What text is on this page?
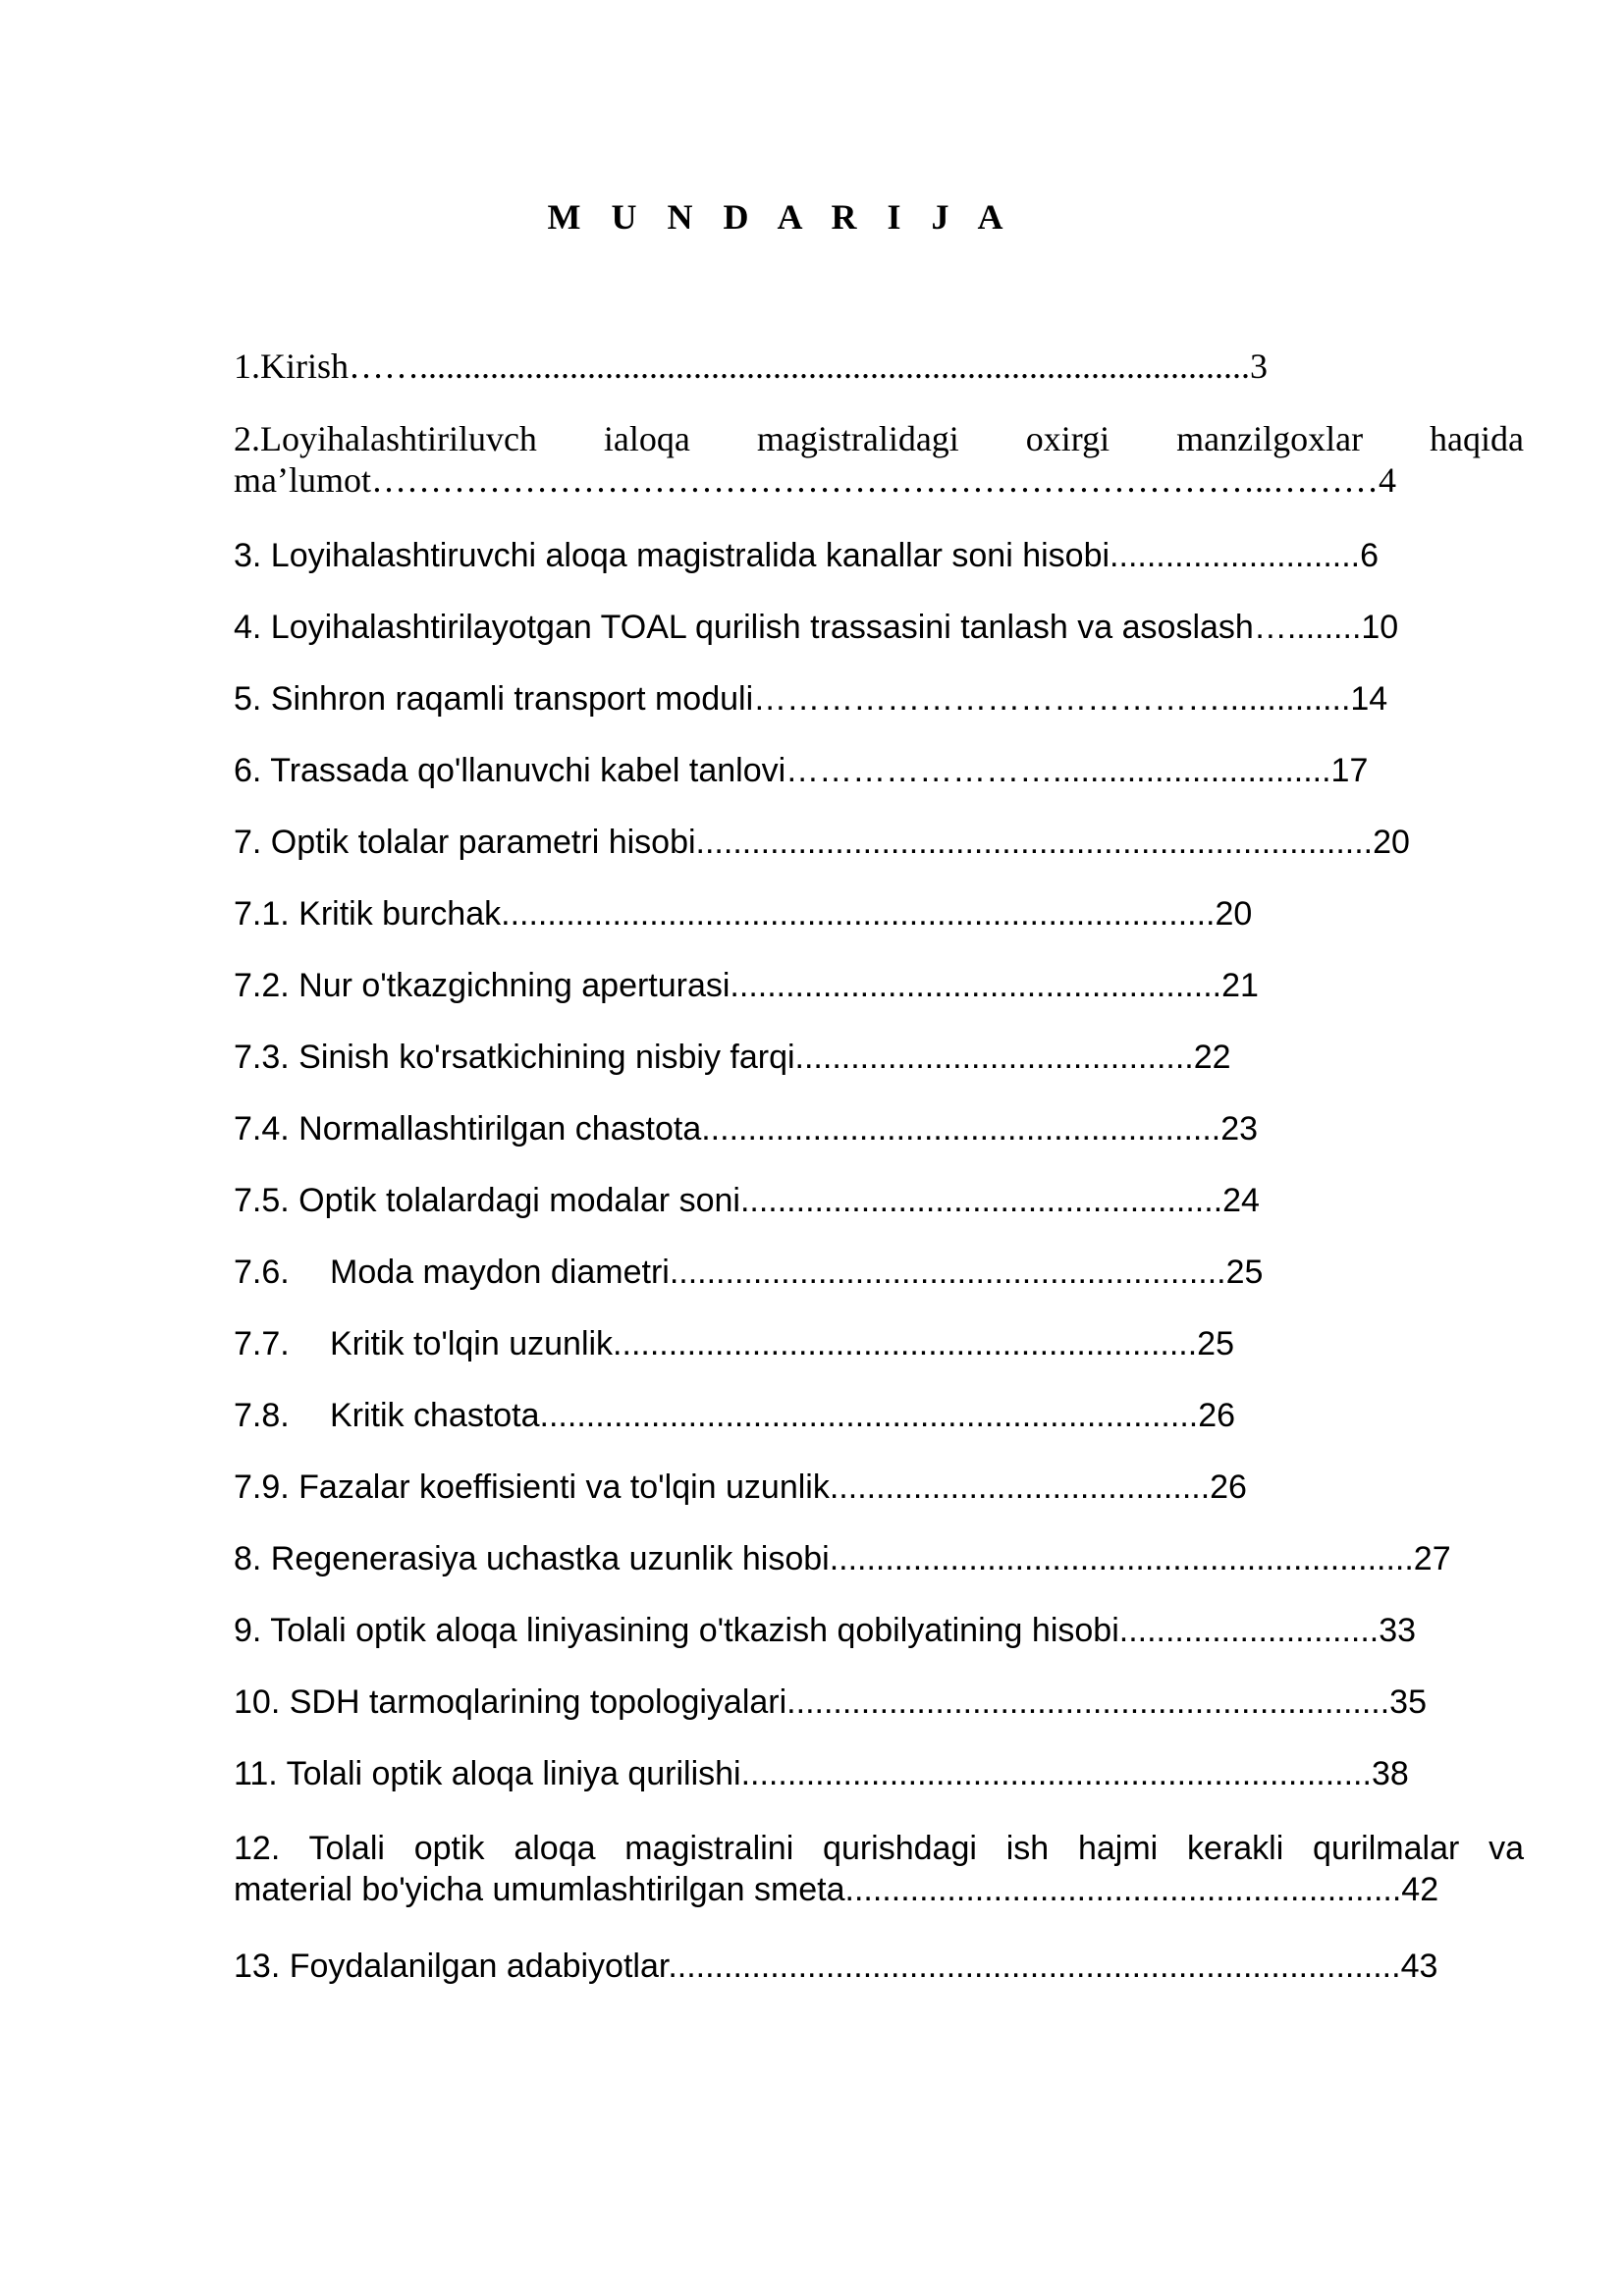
M U N D A R I J A
1.Kirish……..............................................................................................3
2.Loyihalashtiriluvch ialoqa magistralidagi oxirgi manzilgoxlar haqida
ma’lumot…………………………………………………………………..………4
3. Loyihalashtiruvchi aloqa magistralida kanallar soni hisobi...........................6
4. Loyihalashtirilayotgan TOAL qurilish trassasini tanlash va asoslash…........10
5. Sinhron raqamli transport moduli……………………………………..............14
6. Trassada qo'llanuvchi kabel tanlovi……………………..............................17
7. Optik tolalar parametri hisobi.........................................................................20
7.1. Kritik burchak.............................................................................20
7.2. Nur o'tkazgichning aperturasi.....................................................21
7.3. Sinish ko'rsatkichining nisbiy farqi...........................................22
7.4. Normallashtirilgan chastota........................................................23
7.5. Optik tolalardagi modalar soni....................................................24
7.6. Moda maydon diametri............................................................25
7.7. Kritik to'lqin uzunlik...............................................................25
7.8. Kritik chastota.......................................................................26
7.9. Fazalar koeffisienti va to'lqin uzunlik.........................................26
8. Regenerasiya uchastka uzunlik hisobi...............................................................27
9. Tolali optik aloqa liniyasining o'tkazish qobilyatining hisobi............................33
10. SDH tarmoqlarining topologiyalari.................................................................35
11. Tolali optik aloqa liniya qurilishi....................................................................38
12. Tolali optik aloqa magistralini qurishdagi ish hajmi kerakli qurilmalar va
material bo'yicha umumlashtirilgan smeta............................................................42
13. Foydalanilgan adabiyotlar...............................................................................43
